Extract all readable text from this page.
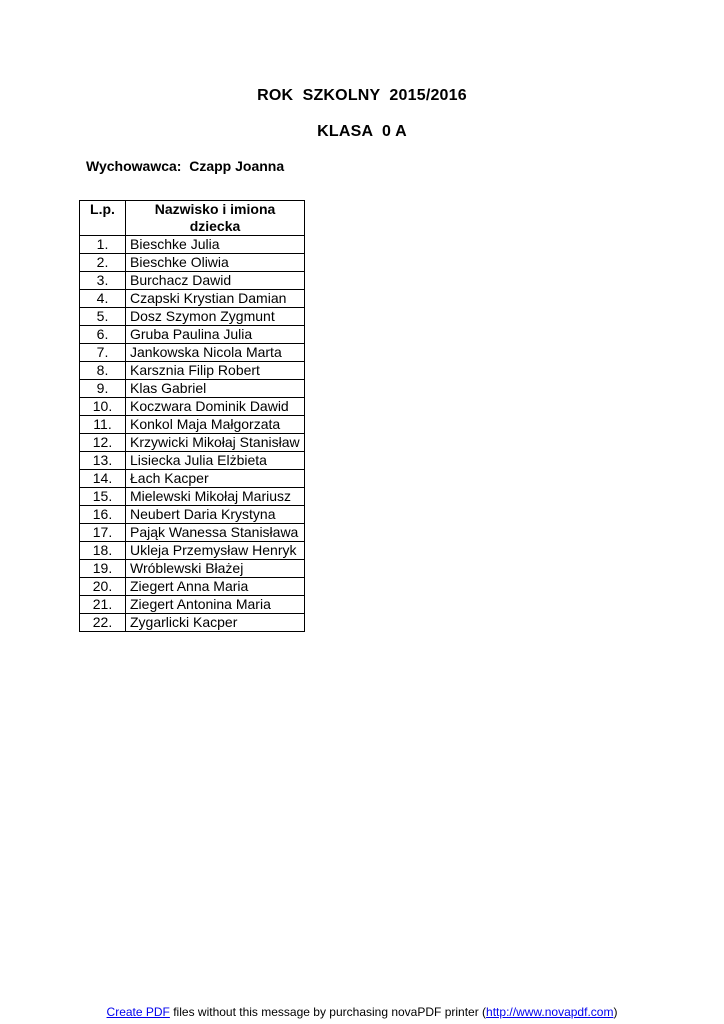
ROK  SZKOLNY  2015/2016
KLASA  0 A
Wychowawca:  Czapp Joanna
L.p.	Nazwisko i imiona dziecka
1.	Bieschke Julia
2.	Bieschke Oliwia
3.	Burchacz Dawid
4.	Czapski Krystian Damian
5.	Dosz Szymon Zygmunt
6.	Gruba Paulina Julia
7.	Jankowska Nicola Marta
8.	Karsznia Filip Robert
9.	Klas Gabriel
10.	Koczwara Dominik Dawid
11.	Konkol Maja Małgorzata
12.	Krzywicki Mikołaj Stanisław
13.	Lisiecka Julia Elżbieta
14.	Łach Kacper
15.	Mielewski Mikołaj Mariusz
16.	Neubert Daria Krystyna
17.	Pająk Wanessa Stanisława
18.	Ukleja Przemysław Henryk
19.	Wróblewski Błażej
20.	Ziegert Anna Maria
21.	Ziegert Antonina Maria
22.	Zygarlicki Kacper
Create PDF files without this message by purchasing novaPDF printer (http://www.novapdf.com)
